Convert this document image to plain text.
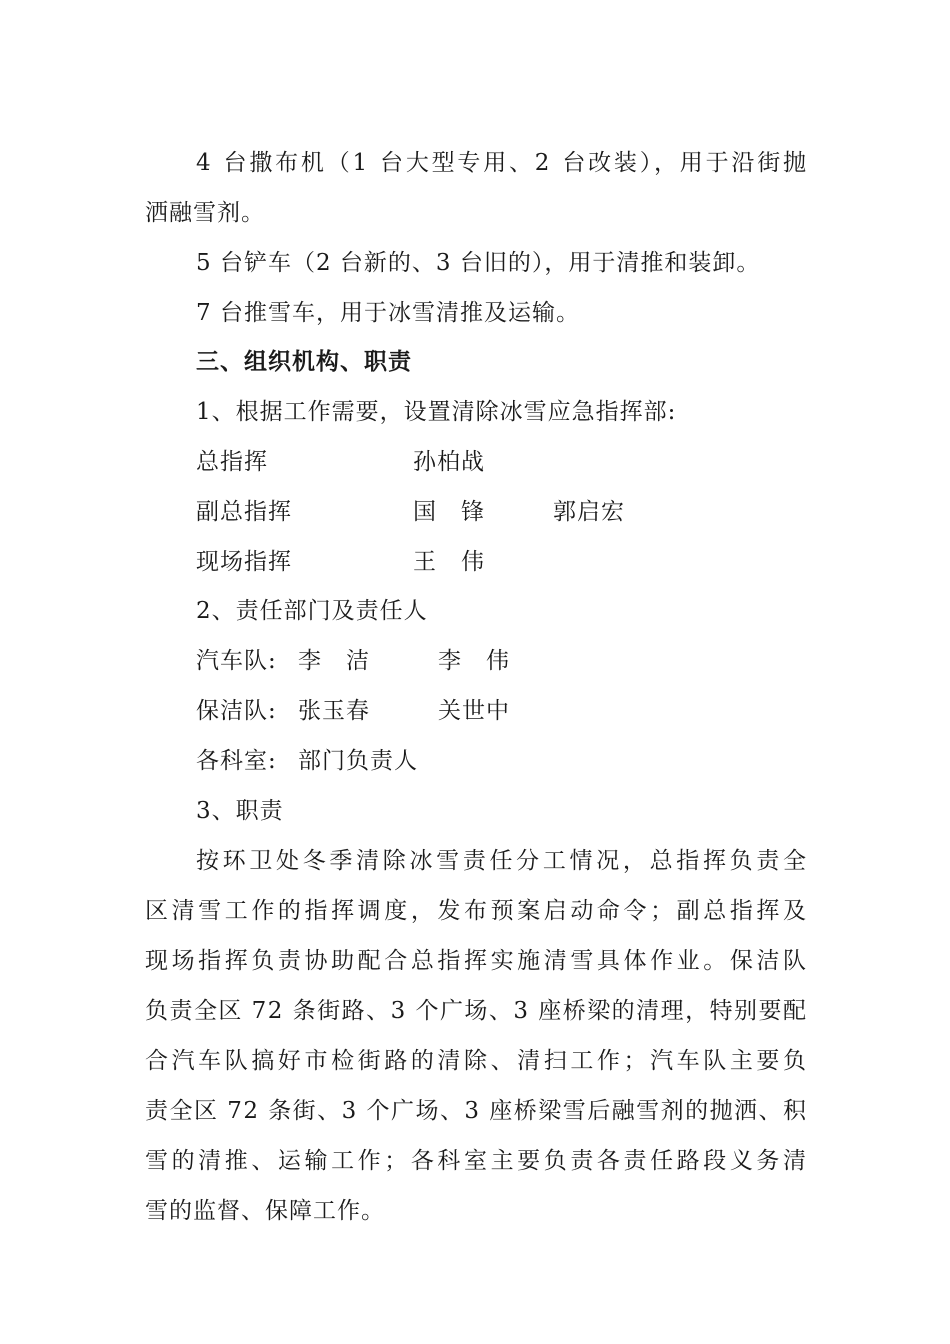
4 台撒布机（1 台大型专用、2 台改装），用于沿街抛
洒融雪剂。
5 台铲车（2 台新的、3 台旧的），用于清推和装卸。
7 台推雪车，用于冰雪清推及运输。
三、组织机构、职责
1、根据工作需要，设置清除冰雪应急指挥部:
总指挥	孙柏战
副总指挥	国　锋	郭启宏
现场指挥	王　伟
2、责任部门及责任人
汽车队: 李　洁	李　伟
保洁队: 张玉春	关世中
各科室: 部门负责人
3、职责
按环卫处冬季清除冰雪责任分工情况，总指挥负责全
区清雪工作的指挥调度，发布预案启动命令；副总指挥及
现场指挥负责协助配合总指挥实施清雪具体作业。保洁队
负责全区 72 条街路、3 个广场、3 座桥梁的清理，特别要配
合汽车队搞好市检街路的清除、清扫工作；汽车队主要负
责全区 72 条街、3 个广场、3 座桥梁雪后融雪剂的抛洒、积
雪的清推、运输工作；各科室主要负责各责任路段义务清
雪的监督、保障工作。
